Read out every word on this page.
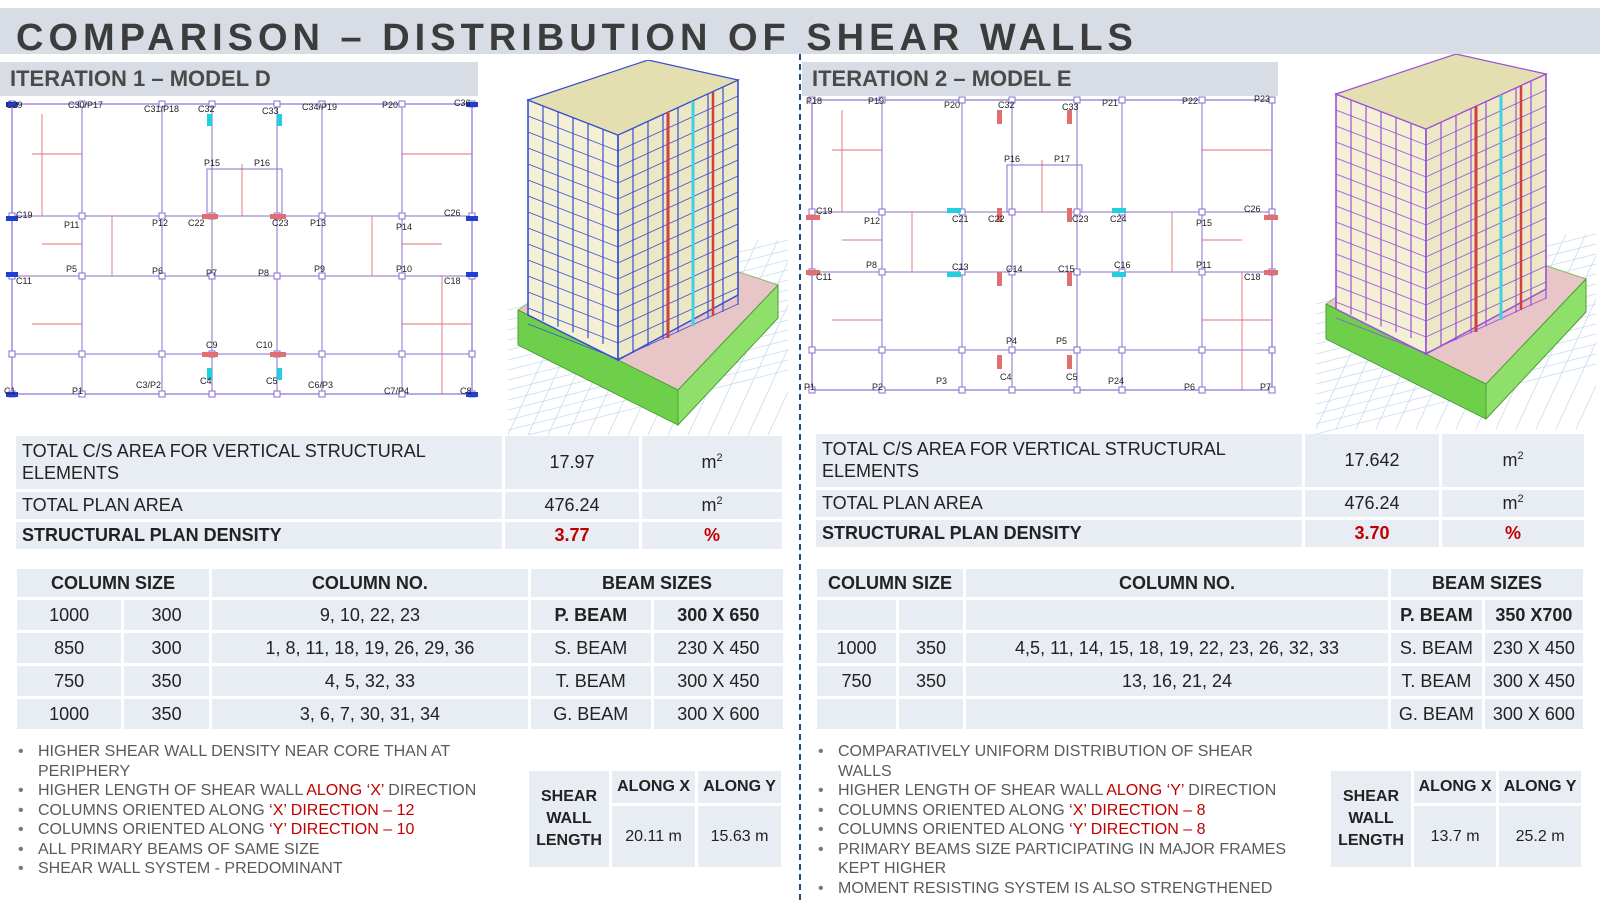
COMPARISON – DISTRIBUTION OF SHEAR WALLS
ITERATION 1 – MODEL D
C29	C30/P17	C31/P18 C32	C33	C34/P19	P20	C36
P15	P16
C19
P11	P12 C22	C23 P13	P14
C26
C11
P5	P6	P7	P8	P9	P10
C18
C9	C10
C1	P1
C3/P2	C4	C5	C6/P3
C7/P4	C8
TOTAL C/S AREA FOR VERTICAL STRUCTURAL ELEMENTS	17.97	$m^2$
TOTAL PLAN AREA	476.24	$m^2$
STRUCTURAL PLAN DENSITY	3.77	%
COLUMN SIZE		COLUMN NO.	BEAM SIZES	
1000	300	9, 10, 22, 23	P. BEAM	300 X 650
850	300	1, 8, 11, 18, 19, 26, 29, 36	S. BEAM	230 X 450
750	350	4, 5, 32, 33	T. BEAM	300 X 450
1000	350	3, 6, 7, 30, 31, 34	G. BEAM	300 X 600
• HIGHER SHEAR WALL DENSITY NEAR CORE THAN AT PERIPHERY
• HIGHER LENGTH OF SHEAR WALL ALONG ‘X’ DIRECTION
• COLUMNS ORIENTED ALONG ‘X’ DIRECTION – 12
• COLUMNS ORIENTED ALONG ‘Y’ DIRECTION – 10
• ALL PRIMARY BEAMS OF SAME SIZE
• SHEAR WALL SYSTEM - PREDOMINANT
SHEAR
WALL
LENGTH	ALONG X	ALONG Y
	20.11 m	15.63 m
ITERATION 2 – MODEL E
P18	P19	P20	C32	C33	P21	P22	P23
P16	P17
C19
P12	C21 C22	C23 C24	P15
C26
C11
P8	C13	C14	C15	C16	P11
C18
P4	P5
P1	P2
P3	C4	C5	P24
P6	P7
TOTAL C/S AREA FOR VERTICAL STRUCTURAL ELEMENTS	17.642	$m^2$
TOTAL PLAN AREA	476.24	$m^2$
STRUCTURAL PLAN DENSITY	3.70	%
COLUMN SIZE		COLUMN NO.	BEAM SIZES	
			P. BEAM	350 X700
1000	350	4,5, 11, 14, 15, 18, 19, 22, 23, 26, 32, 33	S. BEAM	230 X 450
750	350	13, 16, 21, 24	T. BEAM	300 X 450
			G. BEAM	300 X 600
• COMPARATIVELY UNIFORM DISTRIBUTION OF SHEAR WALLS
• HIGHER LENGTH OF SHEAR WALL ALONG ‘Y’ DIRECTION
• COLUMNS ORIENTED ALONG ‘X’ DIRECTION – 8
• COLUMNS ORIENTED ALONG ‘Y’ DIRECTION – 8
• PRIMARY BEAMS SIZE PARTICIPATING IN MAJOR FRAMES KEPT HIGHER
• MOMENT RESISTING SYSTEM IS ALSO STRENGTHENED
SHEAR
WALL
LENGTH	ALONG X	ALONG Y
	13.7 m	25.2 m
